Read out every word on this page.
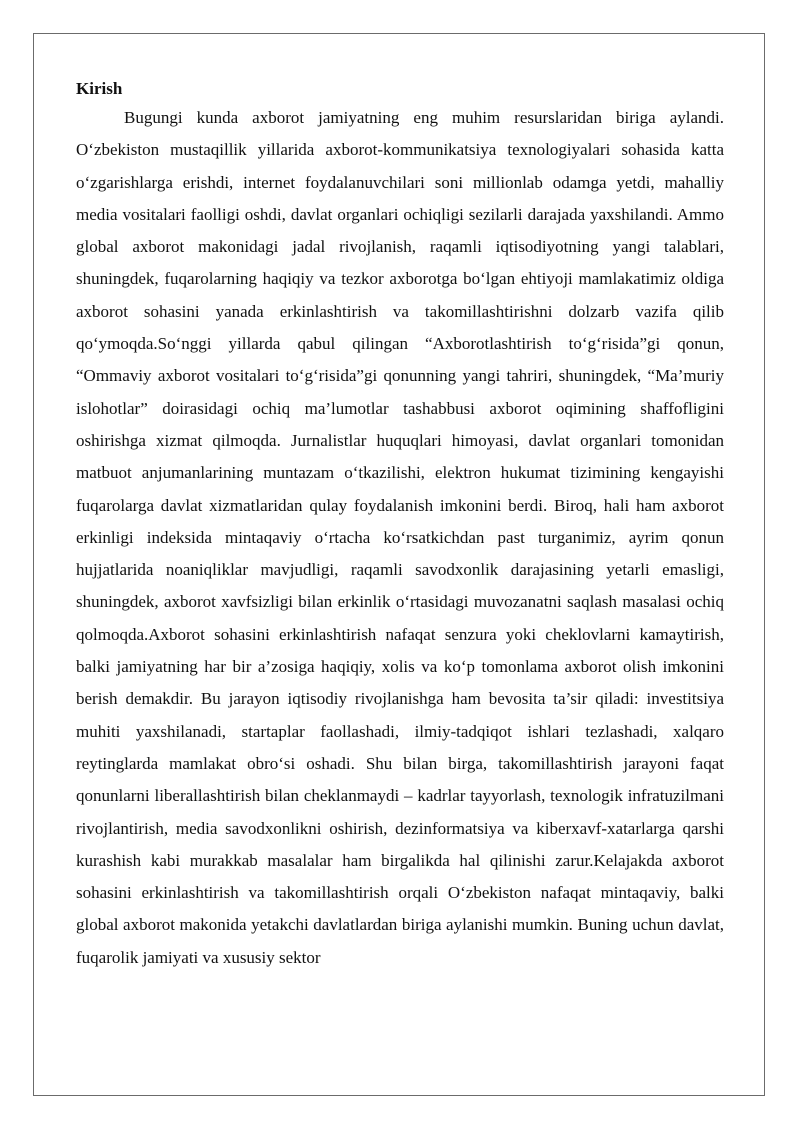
Kirish

Bugungi kunda axborot jamiyatning eng muhim resurslaridan biriga aylandi. O‘zbekiston mustaqillik yillarida axborot-kommunikatsiya texnologiyalari sohasida katta o‘zgarishlarga erishdi, internet foydalanuvchilari soni millionlab odamga yetdi, mahalliy media vositalari faolligi oshdi, davlat organlari ochiqligi sezilarli darajada yaxshilandi. Ammo global axborot makonidagi jadal rivojlanish, raqamli iqtisodiyotning yangi talablari, shuningdek, fuqarolarning haqiqiy va tezkor axborotga bo‘lgan ehtiyoji mamlakatimiz oldiga axborot sohasini yanada erkinlashtirish va takomillashtirishni dolzarb vazifa qilib qo‘ymoqda.So‘nggi yillarda qabul qilingan “Axborotlashtirish to‘g‘risida”gi qonun, “Ommaviy axborot vositalari to‘g‘risida”gi qonunning yangi tahriri, shuningdek, “Ma’muriy islohotlar” doirasidagi ochiq ma’lumotlar tashabbusi axborot oqimining shaffofligini oshirishga xizmat qilmoqda. Jurnalistlar huquqlari himoyasi, davlat organlari tomonidan matbuot anjumanlarining muntazam o‘tkazilishi, elektron hukumat tizimining kengayishi fuqarolarga davlat xizmatlaridan qulay foydalanish imkonini berdi. Biroq, hali ham axborot erkinligi indeksida mintaqaviy o‘rtacha ko‘rsatkichdan past turganimiz, ayrim qonun hujjatlarida noaniqliklar mavjudligi, raqamli savodxonlik darajasining yetarli emasligi, shuningdek, axborot xavfsizligi bilan erkinlik o‘rtasidagi muvozanatni saqlash masalasi ochiq qolmoqda.Axborot sohasini erkinlashtirish nafaqat senzura yoki cheklovlarni kamaytirish, balki jamiyatning har bir a’zosiga haqiqiy, xolis va ko‘p tomonlama axborot olish imkonini berish demakdir. Bu jarayon iqtisodiy rivojlanishga ham bevosita ta’sir qiladi: investitsiya muhiti yaxshilanadi, startaplar faollashadi, ilmiy-tadqiqot ishlari tezlashadi, xalqaro reytinglarda mamlakat obro‘si oshadi. Shu bilan birga, takomillashtirish jarayoni faqat qonunlarni liberallashtirish bilan cheklanmaydi – kadrlar tayyorlash, texnologik infratuzilmani rivojlantirish, media savodxonlikni oshirish, dezinformatsiya va kiberxavf-xatarlarga qarshi kurashish kabi murakkab masalalar ham birgalikda hal qilinishi zarur.Kelajakda axborot sohasini erkinlashtirish va takomillashtirish orqali O‘zbekiston nafaqat mintaqaviy, balki global axborot makonida yetakchi davlatlardan biriga aylanishi mumkin. Buning uchun davlat, fuqarolik jamiyati va xususiy sektor
